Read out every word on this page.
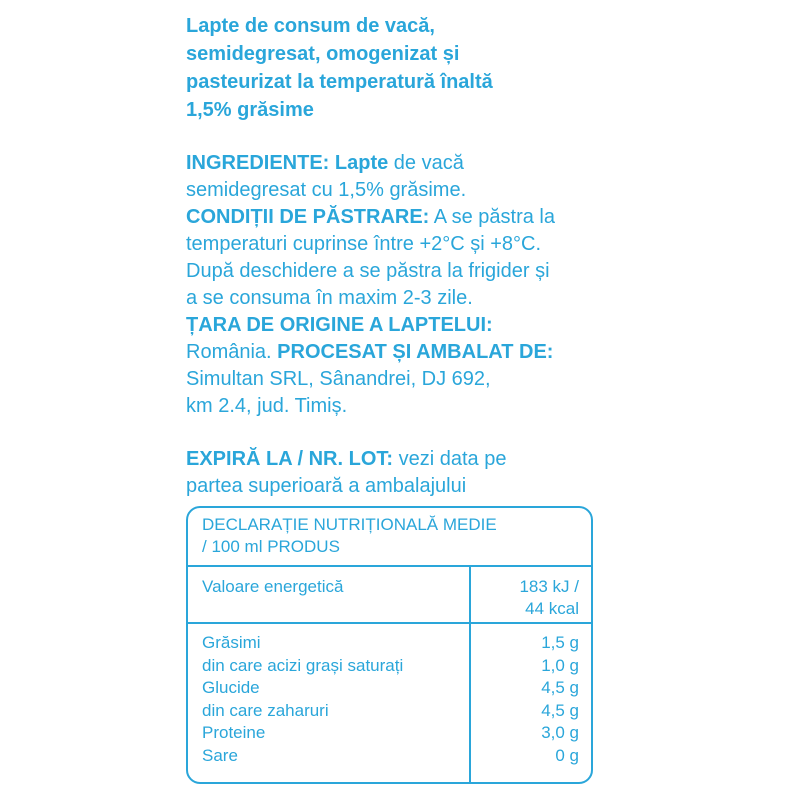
Lapte de consum de vacă,
semidegresat, omogenizat și
pasteurizat la temperatură înaltă
1,5% grăsime
INGREDIENTE: Lapte de vacă
semidegresat cu 1,5% grăsime.
CONDIȚII DE PĂSTRARE: A se păstra la
temperaturi cuprinse între +2°C și +8°C.
După deschidere a se păstra la frigider și
a se consuma în maxim 2-3 zile.
ȚARA DE ORIGINE A LAPTELUI:
România. PROCESAT ȘI AMBALAT DE:
Simultan SRL, Sânandrei, DJ 692,
km 2.4, jud. Timiș.
EXPIRĂ LA / NR. LOT: vezi data pe
partea superioară a ambalajului
DECLARAȚIE NUTRIȚIONALĂ MEDIE
/ 100 ml PRODUS
Valoare energetică	183 kJ /
44 kcal
Grăsimi
din care acizi grași saturați
Glucide
din care zaharuri
Proteine
Sare
1,5 g
1,0 g
4,5 g
4,5 g
3,0 g
0 g
